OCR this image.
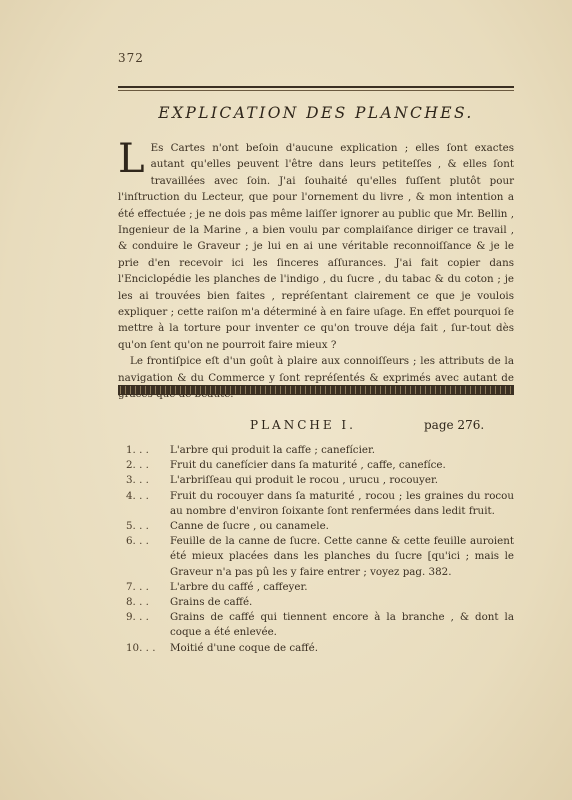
372
EXPLICATION DES PLANCHES.

L Es Cartes n'ont beſoin d'aucune explication ; elles ſont exactes autant qu'elles peuvent l'être dans leurs petiteſſes , & elles ſont travaillées avec ſoin. J'ai ſouhaité qu'elles fuſſent plutôt pour l'inſtruction du Lecteur, que pour l'ornement du livre , & mon intention a été effectuée ; je ne dois pas même laiſſer ignorer au public que Mr. Bellin , Ingenieur de la Marine , a bien voulu par complaiſance diriger ce travail , & conduire le Graveur ; je lui en ai une véritable reconnoiſſance & je le prie d'en recevoir ici les ſinceres aſſurances. J'ai fait copier dans l'Enciclopédie les planches de l'indigo , du ſucre , du tabac & du coton ; je les ai trouvées bien faites , repréſentant clairement ce que je voulois expliquer ; cette raiſon m'a déterminé à en faire uſage. En effet pourquoi ſe mettre à la torture pour inventer ce qu'on trouve déja fait , ſur-tout dès qu'on ſent qu'on ne pourroit faire mieux ?

Le frontiſpice eſt d'un goût à plaire aux connoiſſeurs ; les attributs de la navigation & du Commerce y ſont repréſentés & exprimés avec autant de

PLANCHE I.	page 276.
1. . .	L'arbre qui produit la caffe ; canefícier.
2. . .	Fruit du canefícier dans ſa maturité , caffe, canefíce.
3. . .	L'arbriſſeau qui produit le rocou , urucu , rocouyer.
4. . .	Fruit du rocouyer dans ſa maturité , rocou ; les graines du rocou au nombre d'environ ſoixante ſont renfermées dans ledit fruit.
5. . .	Canne de ſucre , ou canamele.
6. . .	Feuille de la canne de ſucre. Cette canne & cette feuille auroient été mieux placées dans les planches du ſucre [qu'ici ; mais le Graveur n'a pas pû les y faire entrer ; voyez pag. 382.
7. . .	L'arbre du caffé , caffeyer.
8. . .	Grains de caffé.
9. . .	Grains de caffé qui tiennent encore à la branche , & dont la coque a été enlevée.
10. . .	Moitié d'une coque de caffé.
